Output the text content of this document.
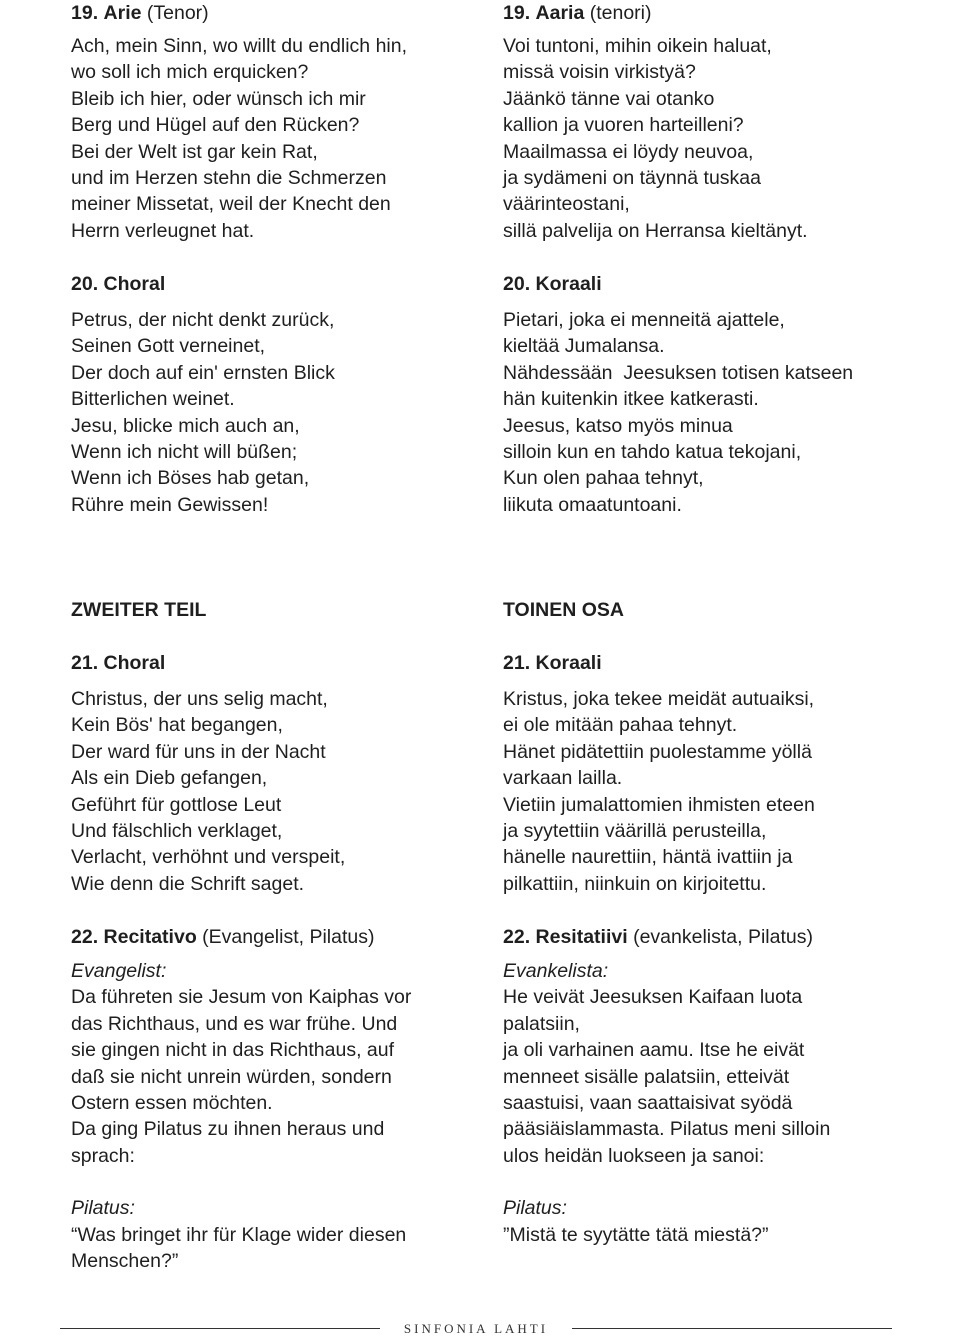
19. Arie (Tenor)
Ach, mein Sinn, wo willt du endlich hin,
wo soll ich mich erquicken?
Bleib ich hier, oder wünsch ich mir
Berg und Hügel auf den Rücken?
Bei der Welt ist gar kein Rat,
und im Herzen stehn die Schmerzen
meiner Missetat, weil der Knecht den
Herrn verleugnet hat.
20. Choral
Petrus, der nicht denkt zurück,
Seinen Gott verneinet,
Der doch auf ein' ernsten Blick
Bitterlichen weinet.
Jesu, blicke mich auch an,
Wenn ich nicht will büßen;
Wenn ich Böses hab getan,
Rühre mein Gewissen!
ZWEITER TEIL
21. Choral
Christus, der uns selig macht,
Kein Bös' hat begangen,
Der ward für uns in der Nacht
Als ein Dieb gefangen,
Geführt für gottlose Leut
Und fälschlich verklaget,
Verlacht, verhöhnt und verspeit,
Wie denn die Schrift saget.
22. Recitativo (Evangelist, Pilatus)
Evangelist:
Da führeten sie Jesum von Kaiphas vor
das Richthaus, und es war frühe. Und
sie gingen nicht in das Richthaus, auf
daß sie nicht unrein würden, sondern
Ostern essen möchten.
Da ging Pilatus zu ihnen heraus und
sprach:
Pilatus:
“Was bringet ihr für Klage wider diesen
Menschen?”
19. Aaria (tenori)
Voi tuntoni, mihin oikein haluat,
missä voisin virkistyä?
Jäänkö tänne vai otanko
kallion ja vuoren harteilleni?
Maailmassa ei löydy neuvoa,
ja sydämeni on täynnä tuskaa
väärinteostani,
sillä palvelija on Herransa kieltänyt.
20. Koraali
Pietari, joka ei menneitä ajattele,
kieltää Jumalansa.
Nähdessään  Jeesuksen totisen katseen
hän kuitenkin itkee katkerasti.
Jeesus, katso myös minua
silloin kun en tahdo katua tekojani,
Kun olen pahaa tehnyt,
liikuta omaatuntoani.
TOINEN OSA
21. Koraali
Kristus, joka tekee meidät autuaiksi,
ei ole mitään pahaa tehnyt.
Hänet pidätettiin puolestamme yöllä
varkaan lailla.
Vietiin jumalattomien ihmisten eteen
ja syytettiin väärillä perusteilla,
hänelle naurettiin, häntä ivattiin ja
pilkattiin, niinkuin on kirjoitettu.
22. Resitatiivi (evankelista, Pilatus)
Evankelista:
He veivät Jeesuksen Kaifaan luota
palatsiin,
ja oli varhainen aamu. Itse he eivät
menneet sisälle palatsiin, etteivät
saastuisi, vaan saattaisivat syödä
pääsiäislammasta. Pilatus meni silloin
ulos heidän luokseen ja sanoi:
Pilatus:
”Mistä te syytätte tätä miestä?”
SINFONIA LAHTI
